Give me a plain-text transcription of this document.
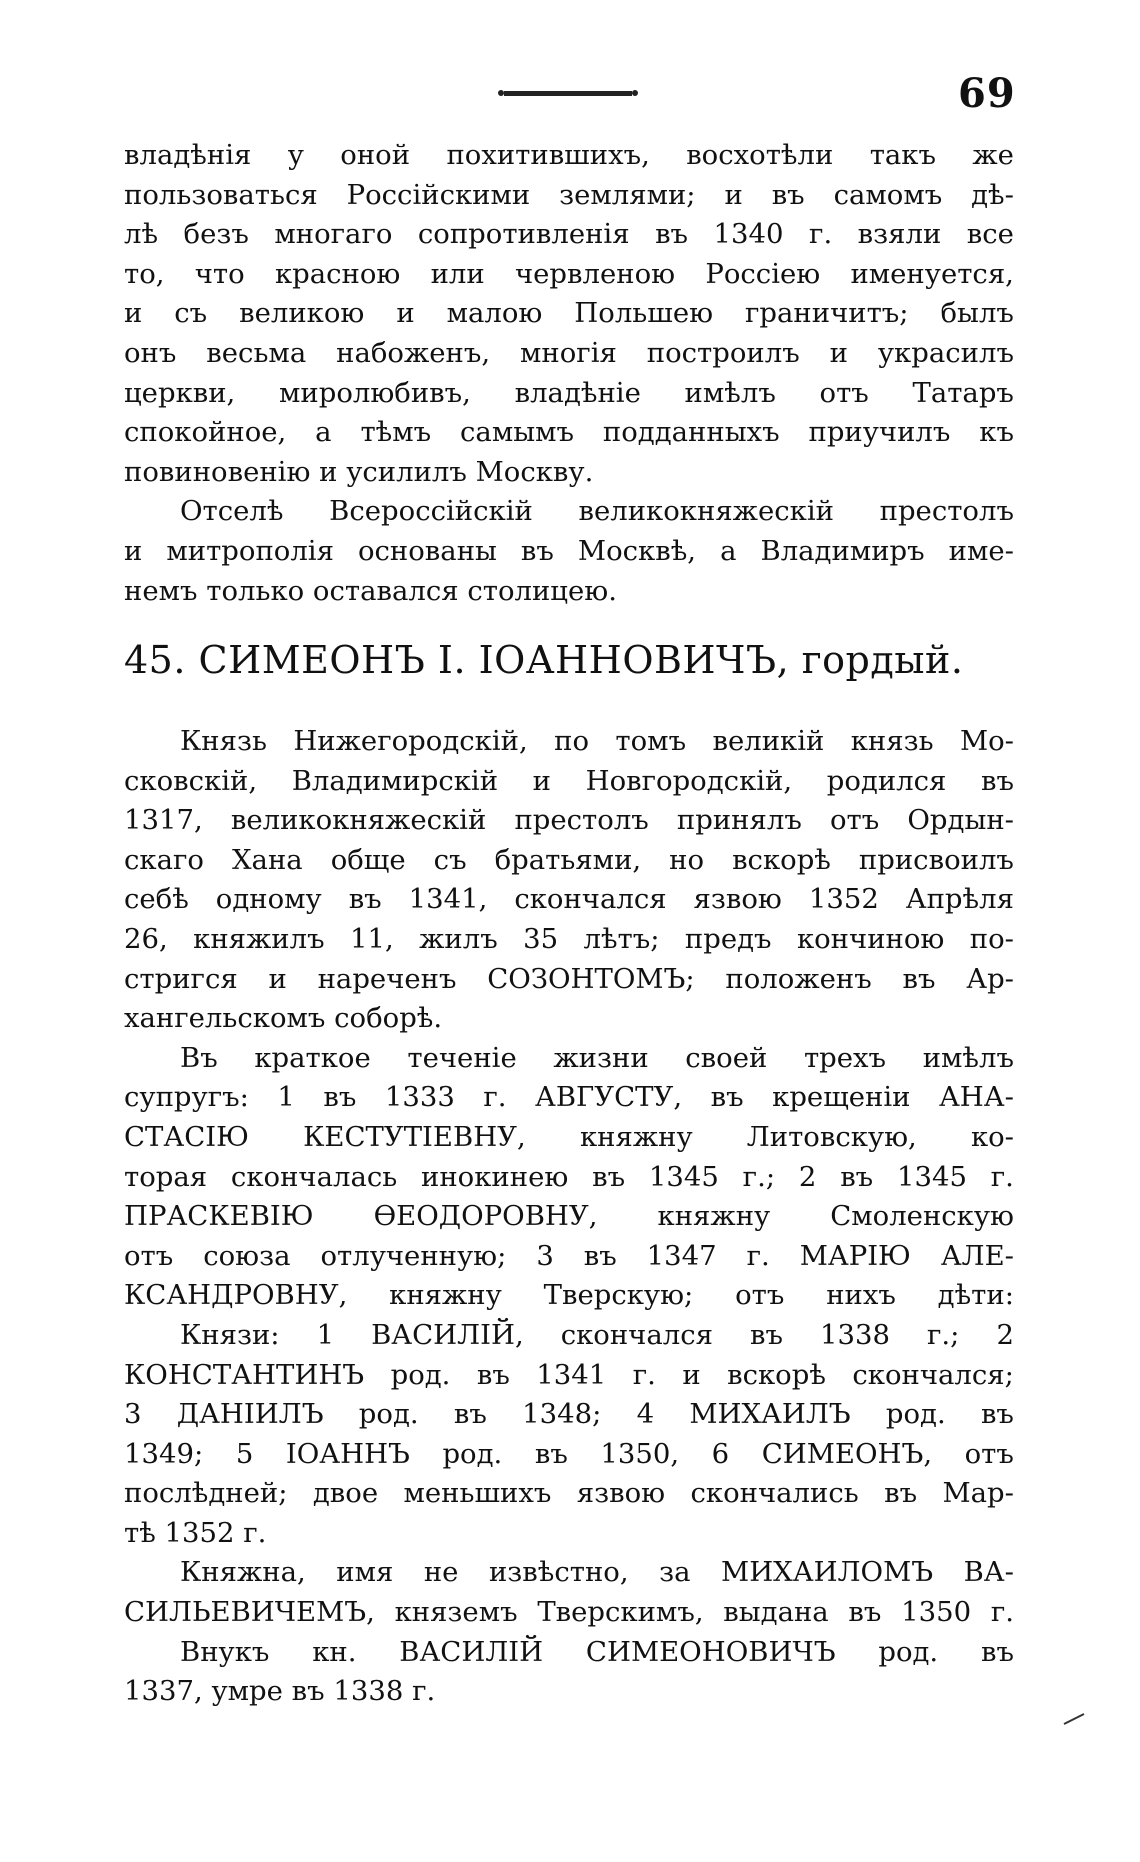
69
владѣнія у оной похитившихъ, восхотѣли такъ же
пользоваться Россійскими землями; и въ самомъ дѣ-
лѣ безъ многаго сопротивленія въ 1340 г. взяли все
то, что красною или червленою Россіею именуется,
и съ великою и малою Польшею граничитъ; былъ
онъ весьма набоженъ, многія построилъ и украсилъ
церкви, миролюбивъ, владѣніе имѣлъ отъ Татаръ
спокойное, а тѣмъ самымъ подданныхъ приучилъ къ
повиновенію и усилилъ Москву.
Отселѣ Всероссійскій великокняжескій престолъ
и митрополія основаны въ Москвѣ, а Владимиръ име-
немъ только оставался столицею.
45. СИМЕОНЪ I. ІОАННОВИЧЪ, гордый.
Князь Нижегородскій, по томъ великій князь Мо-
сковскій, Владимирскій и Новгородскій, родился въ
1317, великокняжескій престолъ принялъ отъ Ордын-
скаго Хана обще съ братьями, но вскорѣ присвоилъ
себѣ одному въ 1341, скончался язвою 1352 Апрѣля
26, княжилъ 11, жилъ 35 лѣтъ; предъ кончиною по-
стригся и нареченъ СОЗОНТОМЪ; положенъ въ Ар-
хангельскомъ соборѣ.
Въ краткое теченіе жизни своей трехъ имѣлъ
супругъ: 1 въ 1333 г. АВГУСТУ, въ крещеніи АНА-
СТАСІЮ КЕСТУТІЕВНУ, княжну Литовскую, ко-
торая скончалась инокинею въ 1345 г.; 2 въ 1345 г.
ПРАСКЕВІЮ ѲЕОДОРОВНУ, княжну Смоленскую
отъ союза отлученную; 3 въ 1347 г. МАРІЮ АЛЕ-
КСАНДРОВНУ, княжну Тверскую; отъ нихъ дѣти:
Князи: 1 ВАСИЛІЙ, скончался въ 1338 г.; 2
КОНСТАНТИНЪ род. въ 1341 г. и вскорѣ скончался;
3 ДАНІИЛЪ род. въ 1348; 4 МИХАИЛЪ род. въ
1349; 5 ІОАННЪ род. въ 1350, 6 СИМЕОНЪ, отъ
послѣдней; двое меньшихъ язвою скончались въ Мар-
тѣ 1352 г.
Княжна, имя не извѣстно, за МИХАИЛОМЪ ВА-
СИЛЬЕВИЧЕМЪ, княземъ Тверскимъ, выдана въ 1350 г.
Внукъ кн. ВАСИЛІЙ СИМЕОНОВИЧЪ род. въ
1337, умре въ 1338 г.
